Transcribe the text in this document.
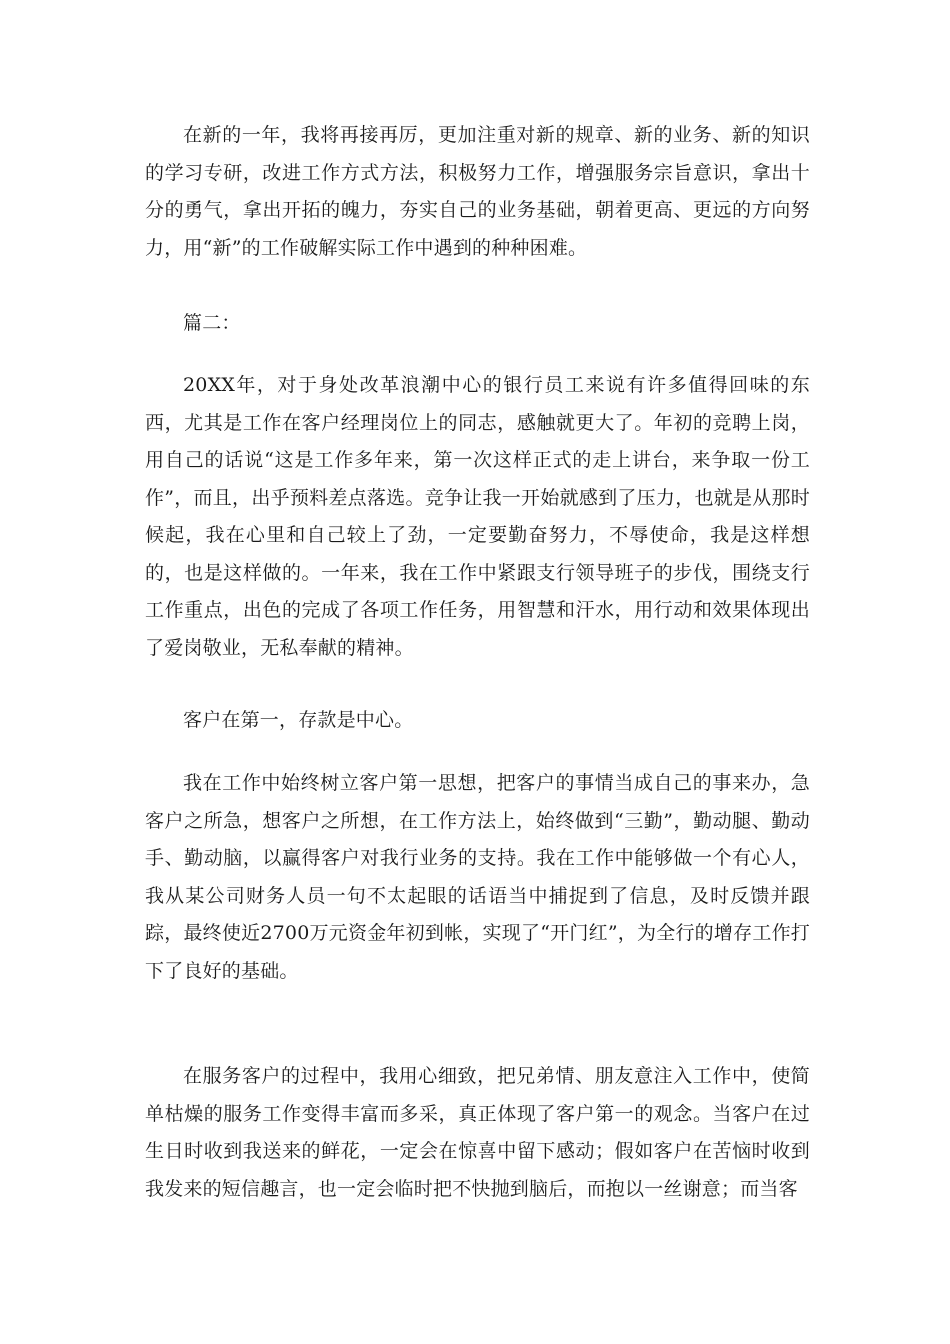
在新的一年，我将再接再厉，更加注重对新的规章、新的业务、新的知识的学习专研，改进工作方式方法，积极努力工作，增强服务宗旨意识，拿出十分的勇气，拿出开拓的魄力，夯实自己的业务基础，朝着更高、更远的方向努力，用“新”的工作破解实际工作中遇到的种种困难。

篇二：

20XX年，对于身处改革浪潮中心的银行员工来说有许多值得回味的东西，尤其是工作在客户经理岗位上的同志，感触就更大了。年初的竞聘上岗，用自己的话说“这是工作多年来，第一次这样正式的走上讲台，来争取一份工作”，而且，出乎预料差点落选。竞争让我一开始就感到了压力，也就是从那时候起，我在心里和自己较上了劲，一定要勤奋努力，不辱使命，我是这样想的，也是这样做的。一年来，我在工作中紧跟支行领导班子的步伐，围绕支行工作重点，出色的完成了各项工作任务，用智慧和汗水，用行动和效果体现出了爱岗敬业，无私奉献的精神。

客户在第一，存款是中心。

我在工作中始终树立客户第一思想，把客户的事情当成自己的事来办，急客户之所急，想客户之所想，在工作方法上，始终做到“三勤”，勤动腿、勤动手、勤动脑，以赢得客户对我行业务的支持。我在工作中能够做一个有心人，我从某公司财务人员一句不太起眼的话语当中捕捉到了信息，及时反馈并跟踪，最终使近2700万元资金年初到帐，实现了“开门红”，为全行的增存工作打下了良好的基础。

在服务客户的过程中，我用心细致，把兄弟情、朋友意注入工作中，使简单枯燥的服务工作变得丰富而多采，真正体现了客户第一的观念。当客户在过生日时收到我送来的鲜花，一定会在惊喜中留下感动；假如客户在苦恼时收到我发来的短信趣言，也一定会临时把不快抛到脑后，而抱以一丝谢意；而当客
